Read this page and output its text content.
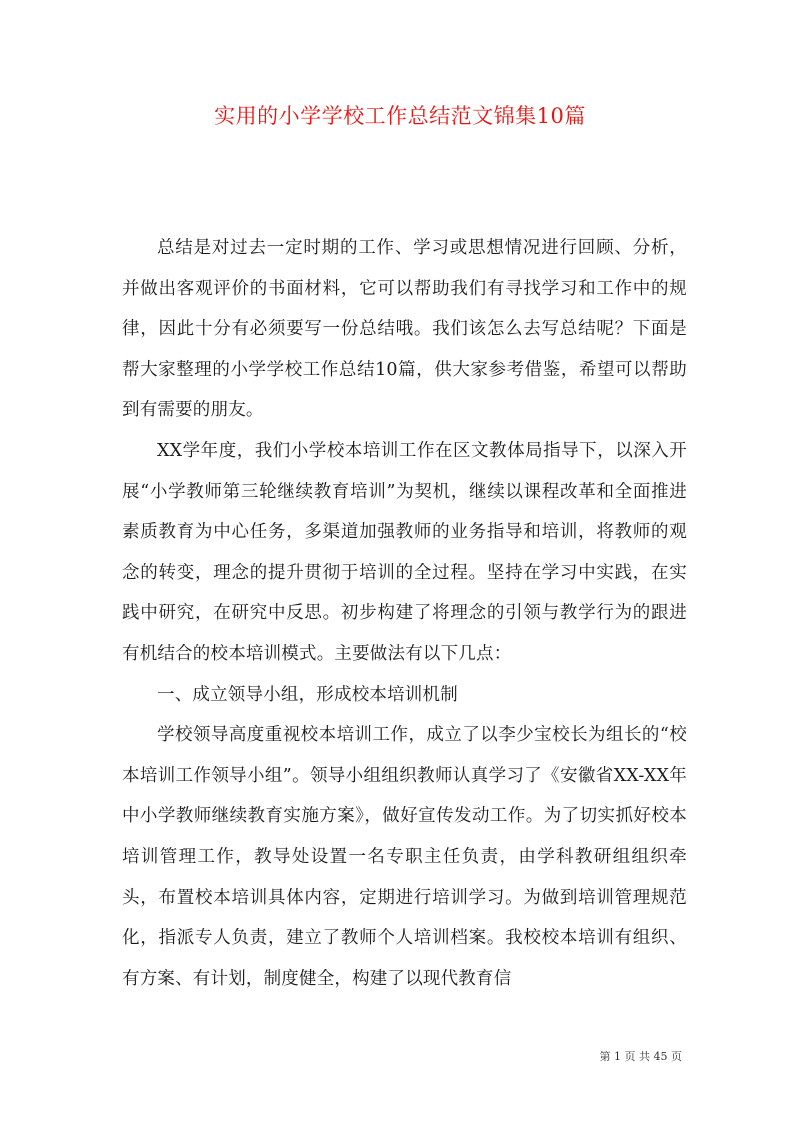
实用的小学学校工作总结范文锦集10篇

总结是对过去一定时期的工作、学习或思想情况进行回顾、分析，并做出客观评价的书面材料，它可以帮助我们有寻找学习和工作中的规律，因此十分有必须要写一份总结哦。我们该怎么去写总结呢？下面是帮大家整理的小学学校工作总结10篇，供大家参考借鉴，希望可以帮助到有需要的朋友。

XX学年度，我们小学校本培训工作在区文教体局指导下，以深入开展“小学教师第三轮继续教育培训”为契机，继续以课程改革和全面推进素质教育为中心任务，多渠道加强教师的业务指导和培训，将教师的观念的转变，理念的提升贯彻于培训的全过程。坚持在学习中实践，在实践中研究，在研究中反思。初步构建了将理念的引领与教学行为的跟进有机结合的校本培训模式。主要做法有以下几点：

一、成立领导小组，形成校本培训机制

学校领导高度重视校本培训工作，成立了以李少宝校长为组长的“校本培训工作领导小组”。领导小组组织教师认真学习了《安徽省XX-XX年中小学教师继续教育实施方案》，做好宣传发动工作。为了切实抓好校本培训管理工作，教导处设置一名专职主任负责，由学科教研组组织牵头，布置校本培训具体内容，定期进行培训学习。为做到培训管理规范化，指派专人负责，建立了教师个人培训档案。我校校本培训有组织、有方案、有计划，制度健全，构建了以现代教育信

第 1 页 共 45 页
